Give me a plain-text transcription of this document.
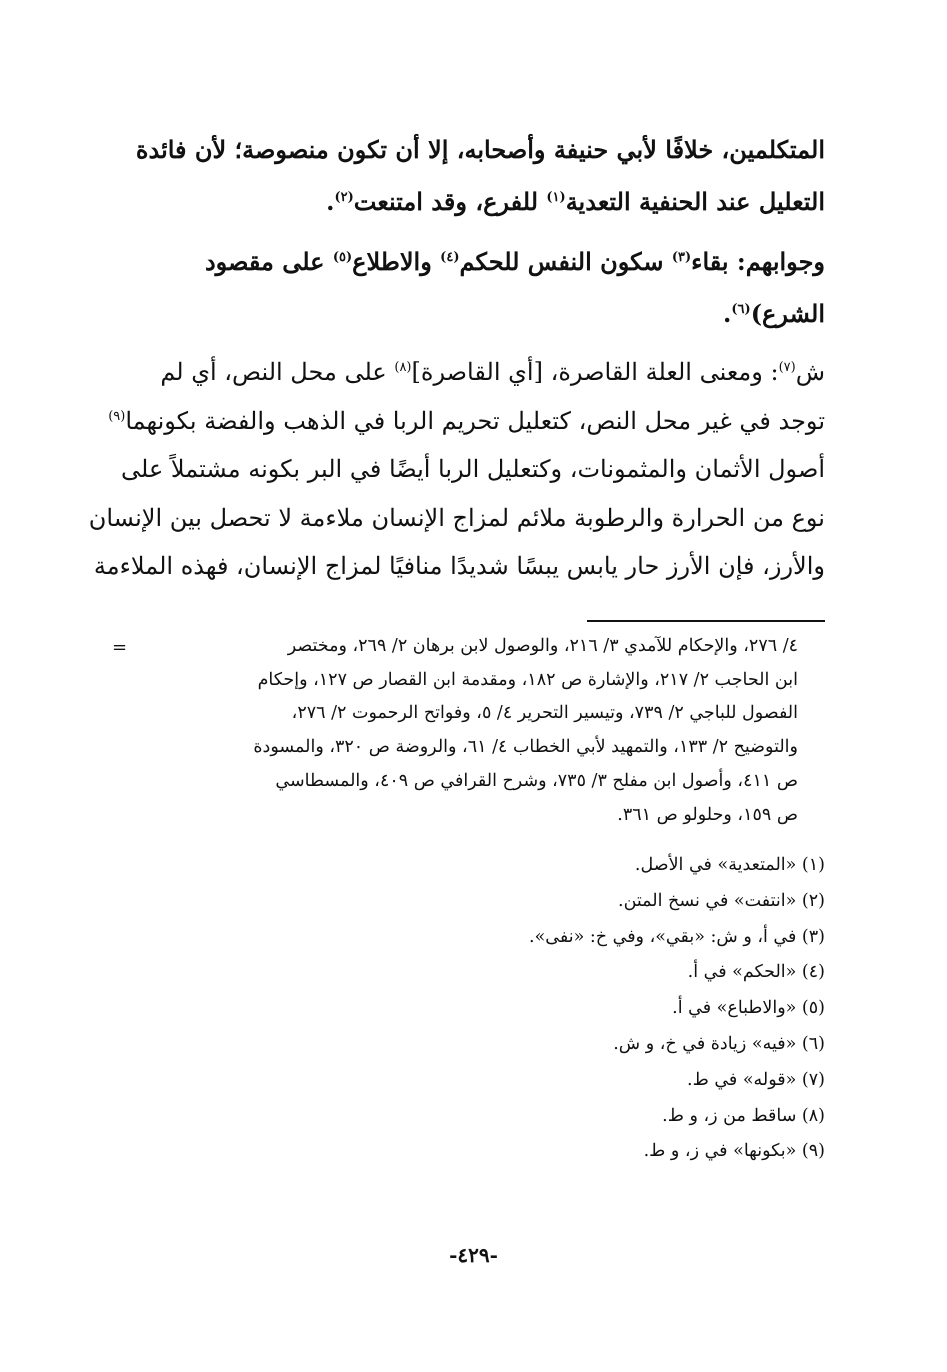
المتكلمين، خلافًا لأبي حنيفة وأصحابه، إلا أن تكون منصوصة؛ لأن فائدة
التعليل عند الحنفية التعدية$^{(١)}$ للفرع، وقد امتنعت$^{(٢)}$.
وجوابهم: بقاء$^{(٣)}$ سكون النفس للحكم$^{(٤)}$ والاطلاع$^{(٥)}$ على مقصود
الشرع)$^{(٦)}$.
ش$^{(٧)}$: ومعنى العلة القاصرة، [أي القاصرة]$^{(٨)}$ على محل النص، أي لم
توجد في غير محل النص، كتعليل تحريم الربا في الذهب والفضة بكونهما$^{(٩)}$
أصول الأثمان والمثمونات، وكتعليل الربا أيضًا في البر بكونه مشتملاً على
نوع من الحرارة والرطوبة ملائم لمزاج الإنسان ملاءمة لا تحصل بين الإنسان
والأرز، فإن الأرز حار يابس يبسًا شديدًا منافيًا لمزاج الإنسان، فهذه الملاءمة
=	٤/ ٢٧٦، والإحكام للآمدي ٣/ ٢١٦، والوصول لابن برهان ٢/ ٢٦٩، ومختصر
ابن الحاجب ٢/ ٢١٧، والإشارة ص ١٨٢، ومقدمة ابن القصار ص ١٢٧، وإحكام
الفصول للباجي ٢/ ٧٣٩، وتيسير التحرير ٤/ ٥، وفواتح الرحموت ٢/ ٢٧٦،
والتوضيح ٢/ ١٣٣، والتمهيد لأبي الخطاب ٤/ ٦١، والروضة ص ٣٢٠، والمسودة
ص ٤١١، وأصول ابن مفلح ٣/ ٧٣٥، وشرح القرافي ص ٤٠٩، والمسطاسي
ص ١٥٩، وحلولو ص ٣٦١.
(١) «المتعدية» في الأصل.
(٢) «انتفت» في نسخ المتن.
(٣) في أ، و ش: «بقي»، وفي خ: «نفى».
(٤) «الحكم» في أ.
(٥) «والاطباع» في أ.
(٦) «فيه» زيادة في خ، و ش.
(٧) «قوله» في ط.
(٨) ساقط من ز، و ط.
(٩) «بكونها» في ز، و ط.
-٤٢٩-
